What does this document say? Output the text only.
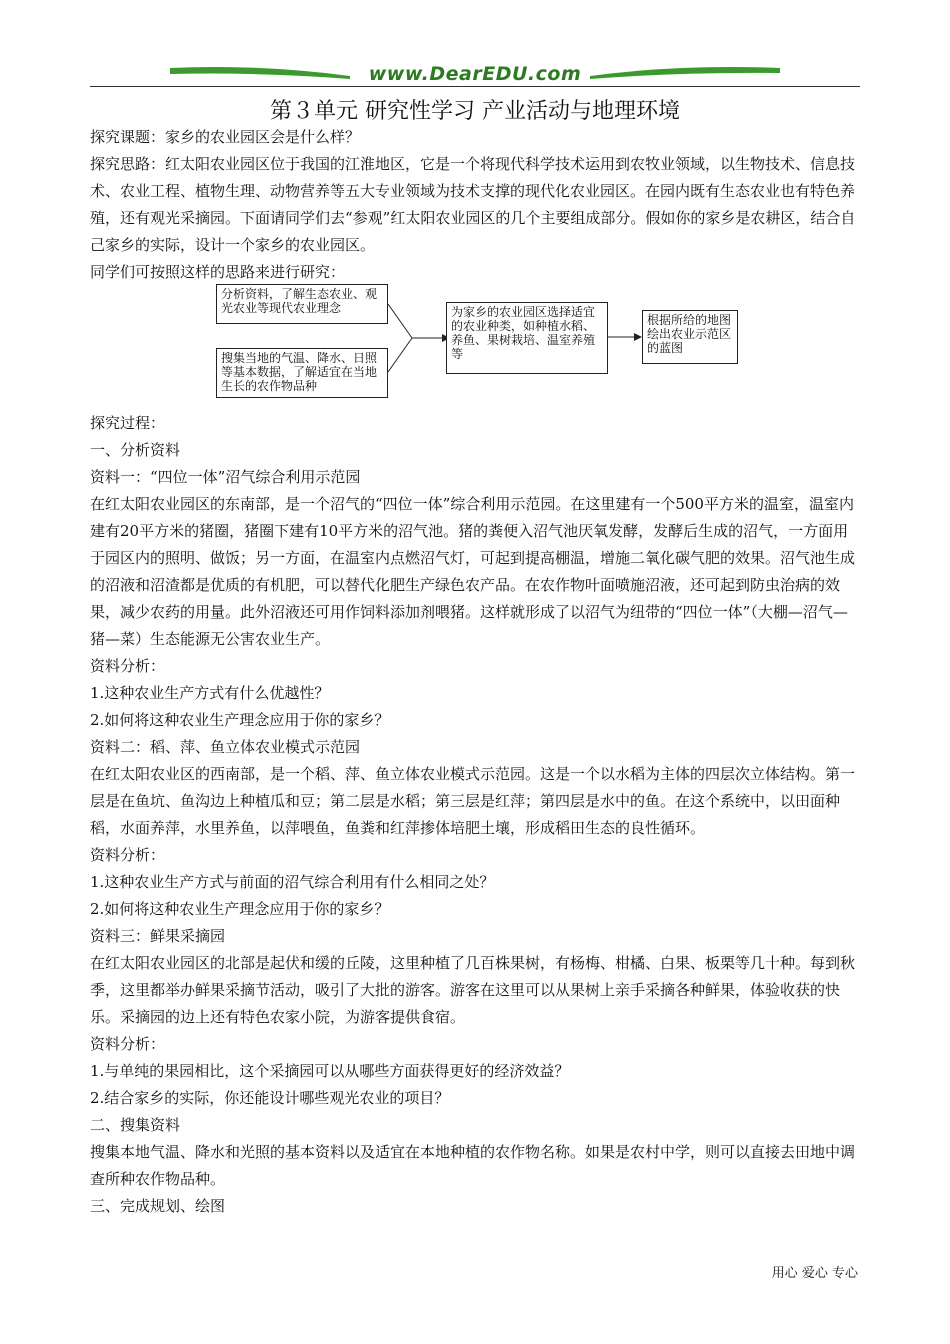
www.DearEDU.com
第３单元 研究性学习 产业活动与地理环境

探究课题：家乡的农业园区会是什么样？

探究思路：红太阳农业园区位于我国的江淮地区，它是一个将现代科学技术运用到农牧业领域，以生物技术、信息技术、农业工程、植物生理、动物营养等五大专业领域为技术支撑的现代化农业园区。在园内既有生态农业也有特色养殖，还有观光采摘园。下面请同学们去“参观”红太阳农业园区的几个主要组成部分。假如你的家乡是农耕区，结合自己家乡的实际，设计一个家乡的农业园区。

同学们可按照这样的思路来进行研究：

分析资料，了解生态农业、观光农业等现代农业理念
搜集当地的气温、降水、日照等基本数据，了解适宜在当地生长的农作物品种
为家乡的农业园区选择适宜的农业种类，如种植水稻、养鱼、果树栽培、温室养殖等
根据所给的地图绘出农业示范区的蓝图

探究过程：

一、分析资料

资料一：“四位一体”沼气综合利用示范园

在红太阳农业园区的东南部，是一个沼气的“四位一体”综合利用示范园。在这里建有一个500平方米的温室，温室内建有20平方米的猪圈，猪圈下建有10平方米的沼气池。猪的粪便入沼气池厌氧发酵，发酵后生成的沼气，一方面用于园区内的照明、做饭；另一方面，在温室内点燃沼气灯，可起到提高棚温，增施二氧化碳气肥的效果。沼气池生成的沼液和沼渣都是优质的有机肥，可以替代化肥生产绿色农产品。在农作物叶面喷施沼液，还可起到防虫治病的效果，减少农药的用量。此外沼液还可用作饲料添加剂喂猪。这样就形成了以沼气为纽带的“四位一体”（大棚—沼气—猪—菜）生态能源无公害农业生产。

资料分析：

1.这种农业生产方式有什么优越性？

2.如何将这种农业生产理念应用于你的家乡？

资料二：稻、萍、鱼立体农业模式示范园

在红太阳农业区的西南部，是一个稻、萍、鱼立体农业模式示范园。这是一个以水稻为主体的四层次立体结构。第一层是在鱼坑、鱼沟边上种植瓜和豆；第二层是水稻；第三层是红萍；第四层是水中的鱼。在这个系统中，以田面种稻，水面养萍，水里养鱼，以萍喂鱼，鱼粪和红萍掺体培肥土壤，形成稻田生态的良性循环。

资料分析：

1.这种农业生产方式与前面的沼气综合利用有什么相同之处？

2.如何将这种农业生产理念应用于你的家乡？

资料三：鲜果采摘园

在红太阳农业园区的北部是起伏和缓的丘陵，这里种植了几百株果树，有杨梅、柑橘、白果、板栗等几十种。每到秋季，这里都举办鲜果采摘节活动，吸引了大批的游客。游客在这里可以从果树上亲手采摘各种鲜果，体验收获的快乐。采摘园的边上还有特色农家小院，为游客提供食宿。

资料分析：

1.与单纯的果园相比，这个采摘园可以从哪些方面获得更好的经济效益？

2.结合家乡的实际，你还能设计哪些观光农业的项目？

二、搜集资料

搜集本地气温、降水和光照的基本资料以及适宜在本地种植的农作物名称。如果是农村中学，则可以直接去田地中调查所种农作物品种。

三、完成规划、绘图

用心 爱心 专心
